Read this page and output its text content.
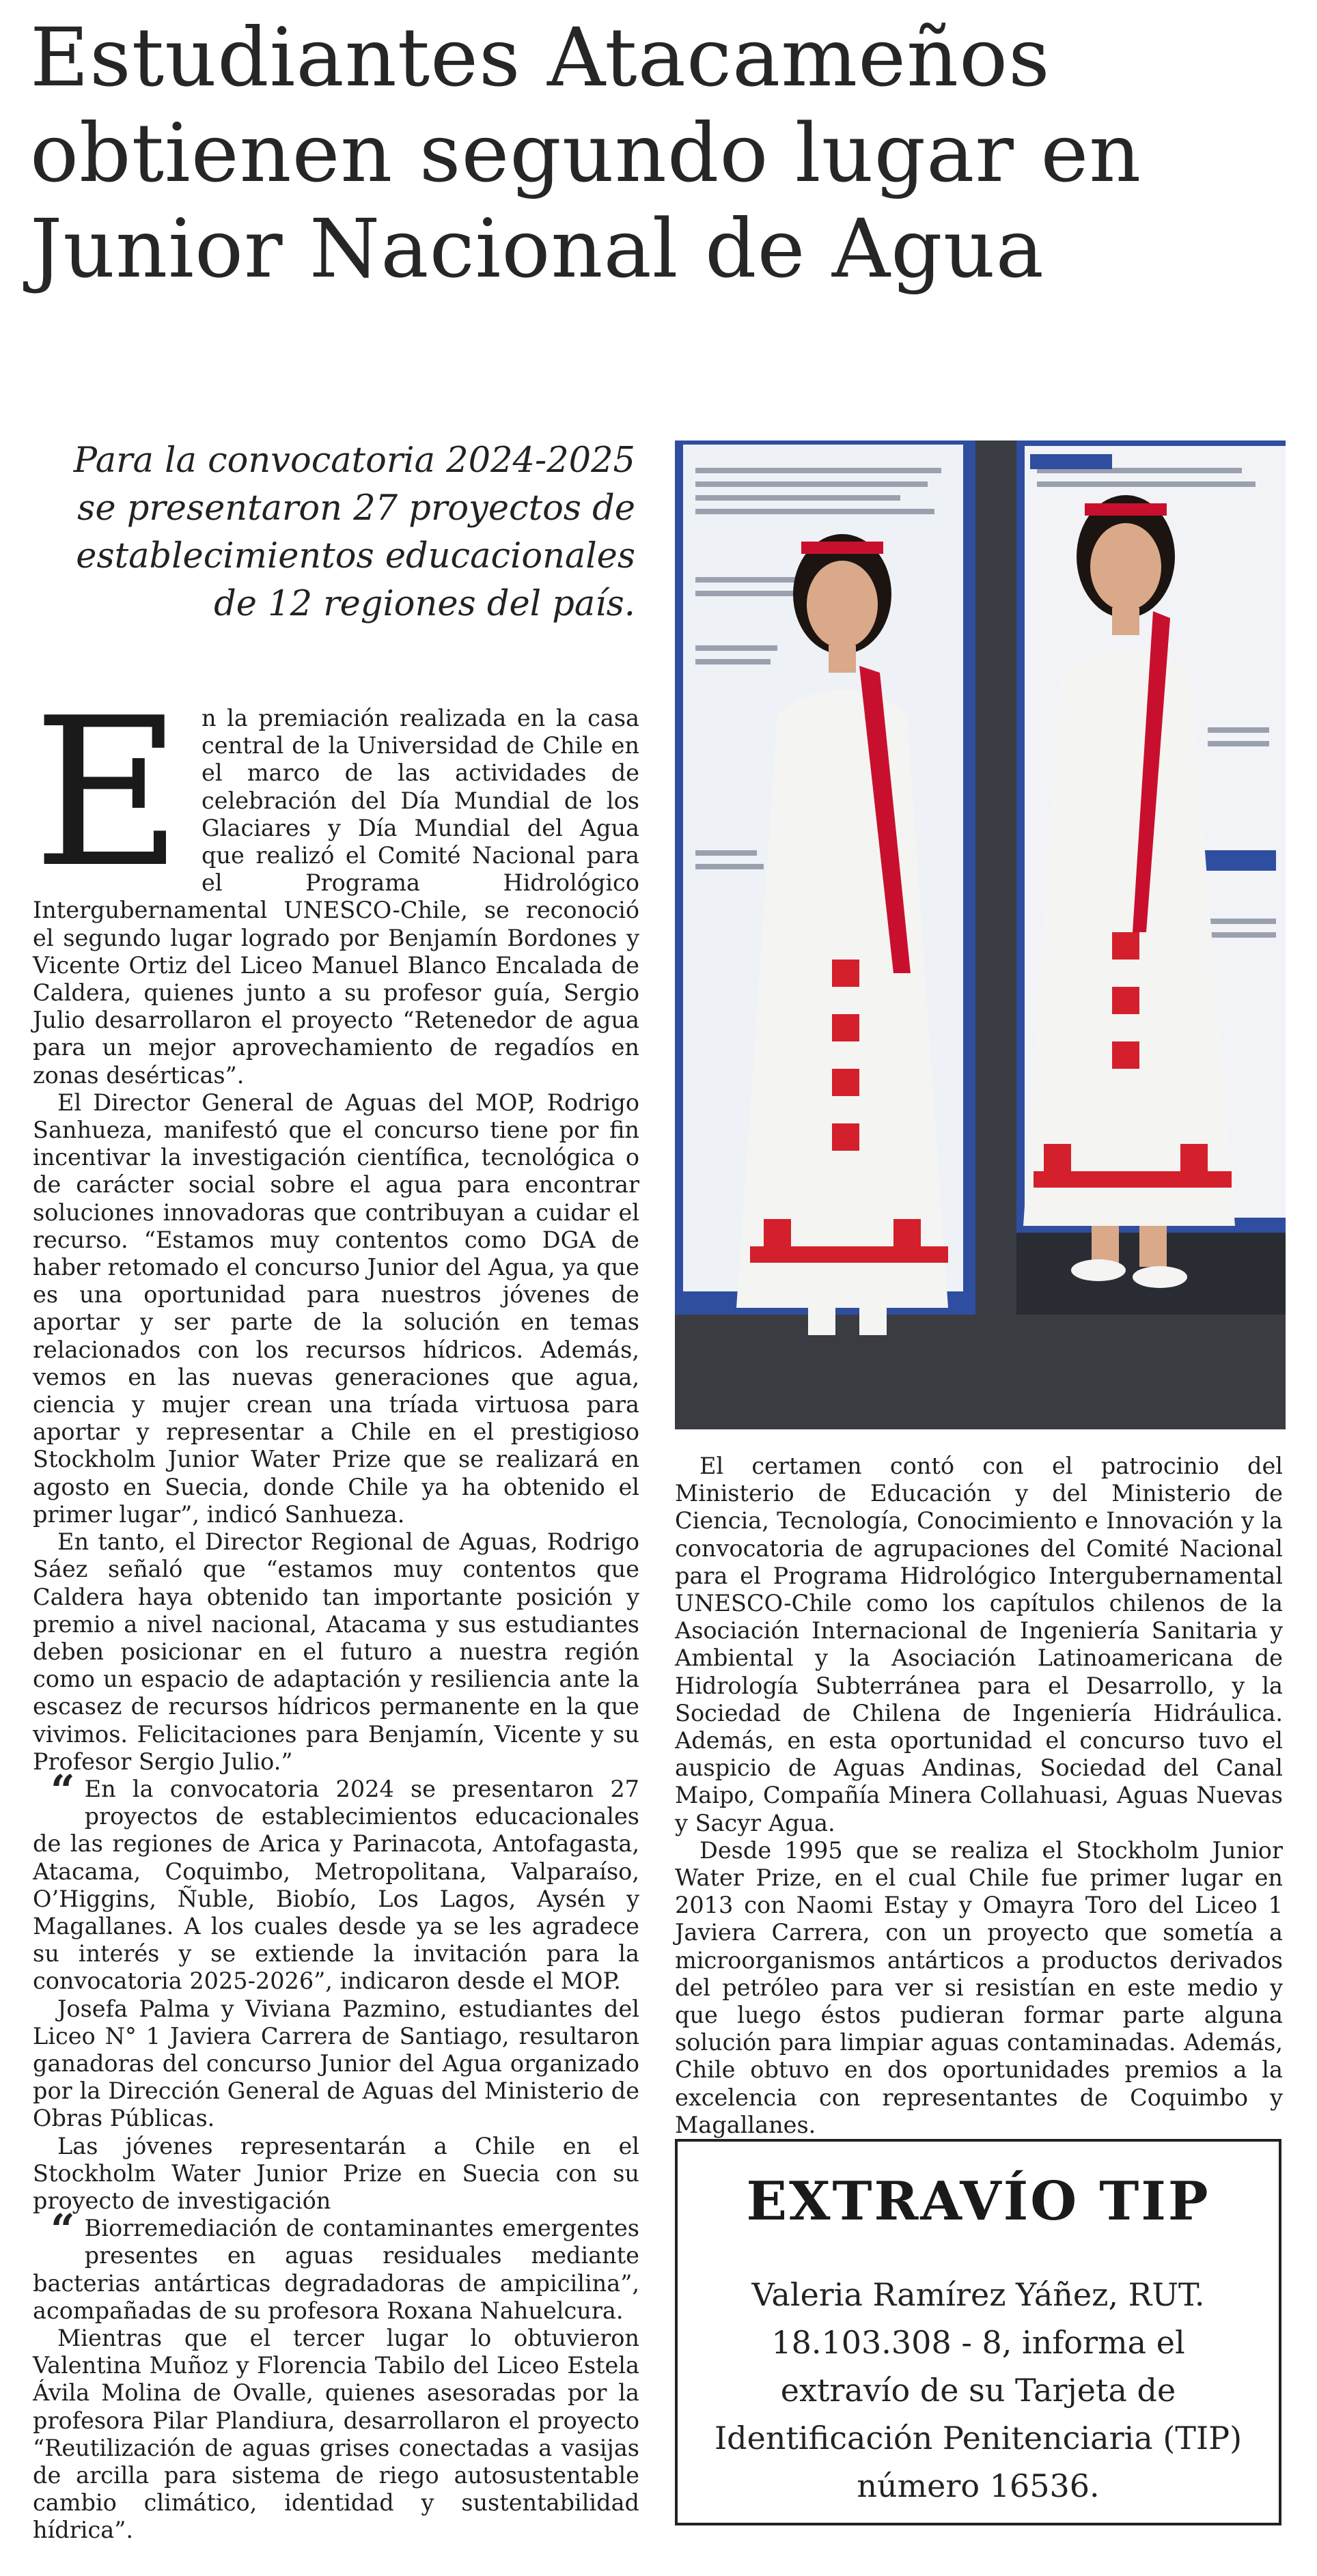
Estudiantes Atacameños obtienen segundo lugar en Junior Nacional de Agua

Para la convocatoria 2024-2025 se presentaron 27 proyectos de establecimientos educacionales de 12 regiones del país.

E n la premiación realizada en la casa central de la Universidad de Chile en el marco de las actividades de celebración del Día Mundial de los Glaciares y Día Mundial del Agua que realizó el Comité Nacional para el Programa Hidrológico Intergubernamental UNESCO-Chile, se reconoció el segundo lugar logrado por Benjamín Bordones y Vicente Ortiz del Liceo Manuel Blanco Encalada de Caldera, quienes junto a su profesor guía, Sergio Julio desarrollaron el proyecto “Retenedor de agua para un mejor aprovechamiento de regadíos en zonas desérticas”.

El Director General de Aguas del MOP, Rodrigo Sanhueza, manifestó que el concurso tiene por fin incentivar la investigación científica, tecnológica o de carácter social sobre el agua para encontrar soluciones innovadoras que contribuyan a cuidar el recurso. “Estamos muy contentos como DGA de haber retomado el concurso Junior del Agua, ya que es una oportunidad para nuestros jóvenes de aportar y ser parte de la solución en temas relacionados con los recursos hídricos. Además, vemos en las nuevas generaciones que agua, ciencia y mujer crean una tríada virtuosa para aportar y representar a Chile en el prestigioso Stockholm Junior Water Prize que se realizará en agosto en Suecia, donde Chile ya ha obtenido el primer lugar”, indicó Sanhueza.

En tanto, el Director Regional de Aguas, Rodrigo Sáez señaló que “estamos muy contentos que Caldera haya obtenido tan importante posición y premio a nivel nacional, Atacama y sus estudiantes deben posicionar en el futuro a nuestra región como un espacio de adaptación y resiliencia ante la escasez de recursos hídricos permanente en la que vivimos. Felicitaciones para Benjamín, Vicente y su Profesor Sergio Julio.”

“ En la convocatoria 2024 se presentaron 27 proyectos de establecimientos educacionales de las regiones de Arica y Parinacota, Antofagasta, Atacama, Coquimbo, Metropolitana, Valparaíso, O’Higgins, Ñuble, Biobío, Los Lagos, Aysén y Magallanes. A los cuales desde ya se les agradece su interés y se extiende la invitación para la convocatoria 2025-2026”, indicaron desde el MOP.

Josefa Palma y Viviana Pazmino, estudiantes del Liceo N° 1 Javiera Carrera de Santiago, resultaron ganadoras del concurso Junior del Agua organizado por la Dirección General de Aguas del Ministerio de Obras Públicas.

Las jóvenes representarán a Chile en el Stockholm Water Junior Prize en Suecia con su proyecto de investigación

“ Biorremediación de contaminantes emergentes presentes en aguas residuales mediante bacterias antárticas degradadoras de ampicilina”, acompañadas de su profesora Roxana Nahuelcura.

Mientras que el tercer lugar lo obtuvieron Valentina Muñoz y Florencia Tabilo del Liceo Estela Ávila Molina de Ovalle, quienes asesoradas por la profesora Pilar Plandiura, desarrollaron el proyecto “Reutilización de aguas grises conectadas a vasijas de arcilla para sistema de riego autosustentable cambio climático, identidad y sustentabilidad hídrica”.

El certamen contó con el patrocinio del Ministerio de Educación y del Ministerio de Ciencia, Tecnología, Conocimiento e Innovación y la convocatoria de agrupaciones del Comité Nacional para el Programa Hidrológico Intergubernamental UNESCO-Chile como los capítulos chilenos de la Asociación Internacional de Ingeniería Sanitaria y Ambiental y la Asociación Latinoamericana de Hidrología Subterránea para el Desarrollo, y la Sociedad de Chilena de Ingeniería Hidráulica. Además, en esta oportunidad el concurso tuvo el auspicio de Aguas Andinas, Sociedad del Canal Maipo, Compañía Minera Collahuasi, Aguas Nuevas y Sacyr Agua.

Desde 1995 que se realiza el Stockholm Junior Water Prize, en el cual Chile fue primer lugar en 2013 con Naomi Estay y Omayra Toro del Liceo 1 Javiera Carrera, con un proyecto que sometía a microorganismos antárticos a productos derivados del petróleo para ver si resistían en este medio y que luego éstos pudieran formar parte alguna solución para limpiar aguas contaminadas. Además, Chile obtuvo en dos oportunidades premios a la excelencia con representantes de Coquimbo y Magallanes.

EXTRAVÍO TIP
Valeria Ramírez Yáñez, RUT. 18.103.308 - 8, informa el extravío de su Tarjeta de Identificación Penitenciaria (TIP) número 16536.
